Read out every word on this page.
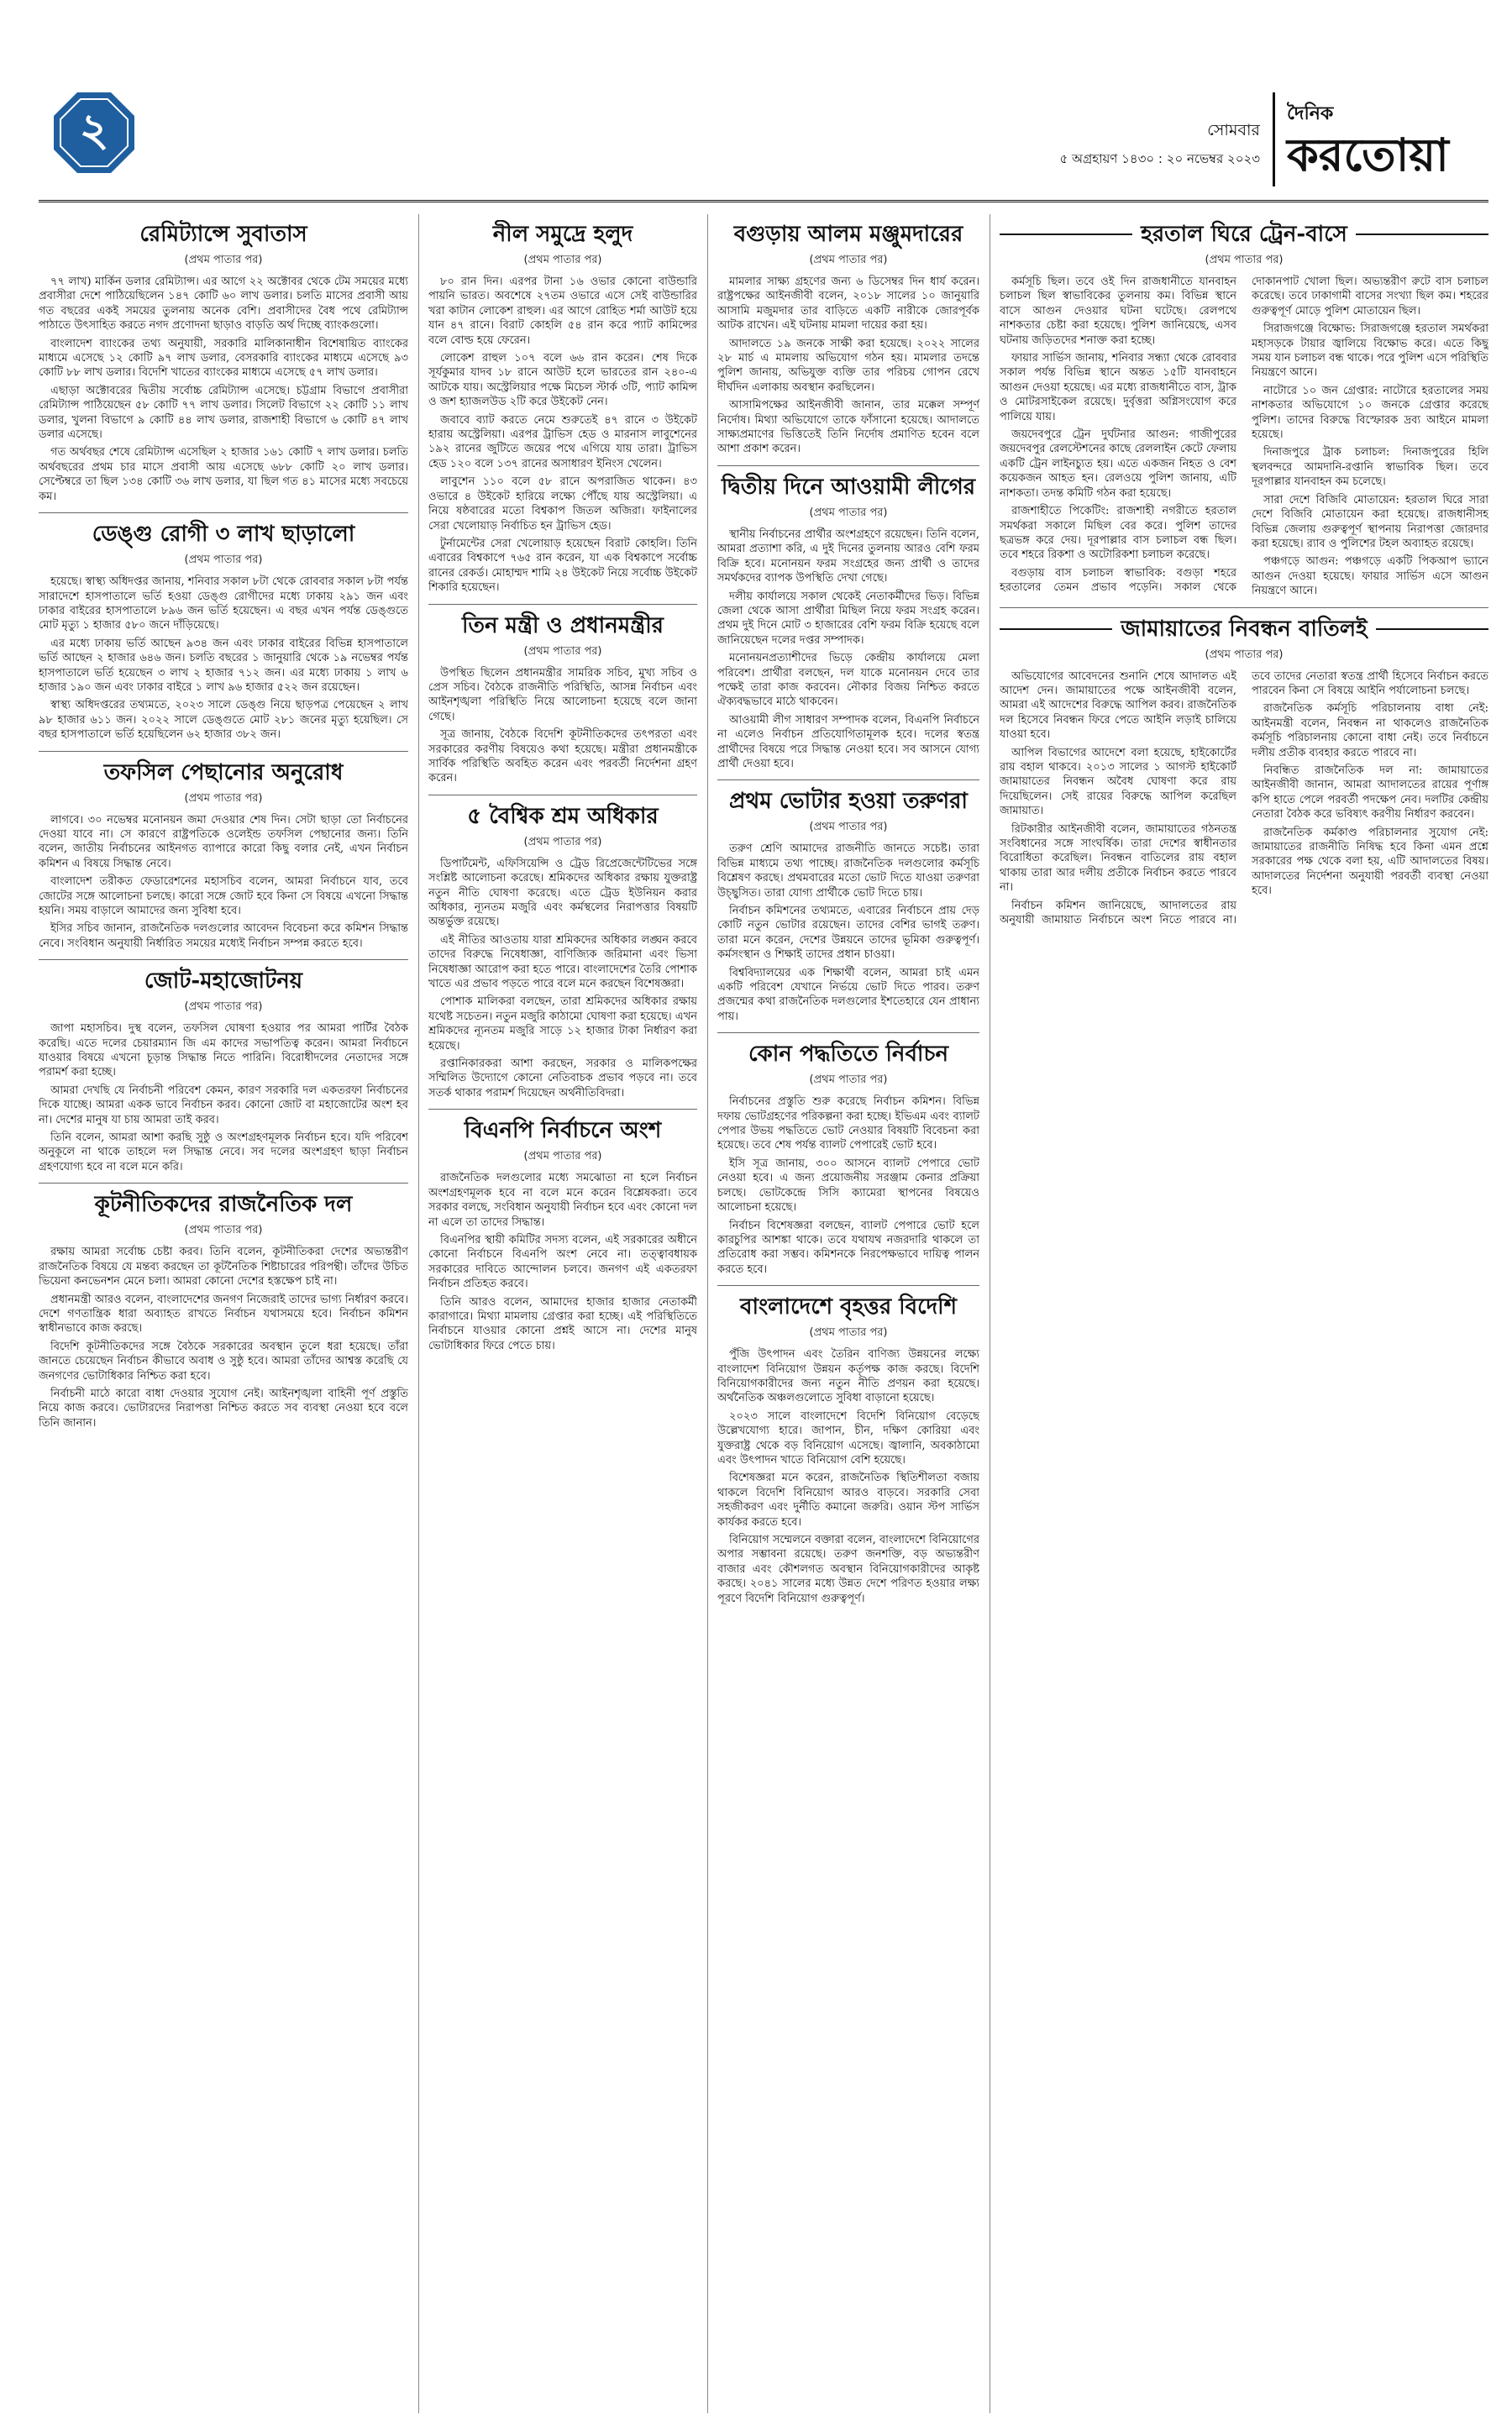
২	সোমবার
৫ অগ্রহায়ণ ১৪৩০ : ২০ নভেম্বর ২০২৩
দৈনিক
করতোয়া
রেমিট্যান্সে সুবাতাস
(প্রথম পাতার পর)

৭৭ লাখ) মার্কিন ডলার রেমিট্যান্স। এর আগে ২২ অক্টোবর থেকে টেম সময়ের মধ্যে প্রবাসীরা দেশে পাঠিয়েছিলেন ১৪৭ কোটি ৬০ লাখ ডলার। চলতি মাসের প্রবাসী আয় গত বছরের একই সময়ের তুলনায় অনেক বেশি। প্রবাসীদের বৈধ পথে রেমিট্যান্স পাঠাতে উৎসাহিত করতে নগদ প্রণোদনা ছাড়াও বাড়তি অর্থ দিচ্ছে ব্যাংকগুলো।

বাংলাদেশ ব্যাংকের তথ্য অনুযায়ী, সরকারি মালিকানাধীন বিশেষায়িত ব্যাংকের মাধ্যমে এসেছে ১২ কোটি ৯৭ লাখ ডলার, বেসরকারি ব্যাংকের মাধ্যমে এসেছে ৯৩ কোটি ৮৮ লাখ ডলার। বিদেশি খাতের ব্যাংকের মাধ্যমে এসেছে ৫৭ লাখ ডলার।

এছাড়া অক্টোবরের দ্বিতীয় সর্বোচ্চ রেমিট্যান্স এসেছে। চট্টগ্রাম বিভাগে প্রবাসীরা রেমিট্যান্স পাঠিয়েছেন ৫৮ কোটি ৭৭ লাখ ডলার। সিলেট বিভাগে ২২ কোটি ১১ লাখ ডলার, খুলনা বিভাগে ৯ কোটি ৪৪ লাখ ডলার, রাজশাহী বিভাগে ৬ কোটি ৪৭ লাখ ডলার এসেছে।

গত অর্থবছর শেষে রেমিট্যান্স এসেছিল ২ হাজার ১৬১ কোটি ৭ লাখ ডলার। চলতি অর্থবছরের প্রথম চার মাসে প্রবাসী আয় এসেছে ৬৮৮ কোটি ২০ লাখ ডলার। সেপ্টেম্বরে তা ছিল ১৩৪ কোটি ৩৬ লাখ ডলার, যা ছিল গত ৪১ মাসের মধ্যে সবচেয়ে কম।

ডেঙ্গু রোগী ৩ লাখ ছাড়ালো
(প্রথম পাতার পর)

হয়েছে। স্বাস্থ্য অধিদপ্তর জানায়, শনিবার সকাল ৮টা থেকে রোববার সকাল ৮টা পর্যন্ত সারাদেশে হাসপাতালে ভর্তি হওয়া ডেঙ্গু রোগীদের মধ্যে ঢাকায় ২৯১ জন এবং ঢাকার বাইরের হাসপাতালে ৮৯৬ জন ভর্তি হয়েছেন। এ বছর এখন পর্যন্ত ডেঙ্গুতে মোট মৃত্যু ১ হাজার ৫৮০ জনে দাঁড়িয়েছে।

এর মধ্যে ঢাকায় ভর্তি আছেন ৯৩৪ জন এবং ঢাকার বাইরের বিভিন্ন হাসপাতালে ভর্তি আছেন ২ হাজার ৬৪৬ জন। চলতি বছরের ১ জানুয়ারি থেকে ১৯ নভেম্বর পর্যন্ত হাসপাতালে ভর্তি হয়েছেন ৩ লাখ ২ হাজার ৭১২ জন। এর মধ্যে ঢাকায় ১ লাখ ৬ হাজার ১৯০ জন এবং ঢাকার বাইরে ১ লাখ ৯৬ হাজার ৫২২ জন রয়েছেন।

স্বাস্থ্য অধিদপ্তরের তথ্যমতে, ২০২৩ সালে ডেঙ্গু নিয়ে ছাড়পত্র পেয়েছেন ২ লাখ ৯৮ হাজার ৬১১ জন। ২০২২ সালে ডেঙ্গুতে মোট ২৮১ জনের মৃত্যু হয়েছিল। সে বছর হাসপাতালে ভর্তি হয়েছিলেন ৬২ হাজার ৩৮২ জন।

তফসিল পেছানোর অনুরোধ
(প্রথম পাতার পর)

লাগবে। ৩০ নভেম্বর মনোনয়ন জমা দেওয়ার শেষ দিন। সেটা ছাড়া তো নির্বাচনের দেওয়া যাবে না। সে কারণে রাষ্ট্রপতিকে ওলেইন্ড তফসিল পেছানোর জন্য। তিনি বলেন, জাতীয় নির্বাচনের আইনগত ব্যাপারে কারো কিছু বলার নেই, এখন নির্বাচন কমিশন এ বিষয়ে সিদ্ধান্ত নেবে।

বাংলাদেশ তরীকত ফেডারেশনের মহাসচিব বলেন, আমরা নির্বাচনে যাব, তবে জোটের সঙ্গে আলোচনা চলছে। কারো সঙ্গে জোট হবে কিনা সে বিষয়ে এখনো সিদ্ধান্ত হয়নি। সময় বাড়ালে আমাদের জন্য সুবিধা হবে।

ইসির সচিব জানান, রাজনৈতিক দলগুলোর আবেদন বিবেচনা করে কমিশন সিদ্ধান্ত নেবে। সংবিধান অনুযায়ী নির্ধারিত সময়ের মধ্যেই নির্বাচন সম্পন্ন করতে হবে।

জোট-মহাজোটনয়
(প্রথম পাতার পর)

জাপা মহাসচিব। দুস্থ বলেন, তফসিল ঘোষণা হওয়ার পর আমরা পার্টির বৈঠক করেছি। এতে দলের চেয়ারম্যান জি এম কাদের সভাপতিত্ব করেন। আমরা নির্বাচনে যাওয়ার বিষয়ে এখনো চূড়ান্ত সিদ্ধান্ত নিতে পারিনি। বিরোধীদলের নেতাদের সঙ্গে পরামর্শ করা হচ্ছে।

আমরা দেখছি যে নির্বাচনী পরিবেশ কেমন, কারণ সরকারি দল একতরফা নির্বাচনের দিকে যাচ্ছে। আমরা একক ভাবে নির্বাচন করব। কোনো জোট বা মহাজোটের অংশ হব না। দেশের মানুষ যা চায় আমরা তাই করব।

তিনি বলেন, আমরা আশা করছি সুষ্ঠু ও অংশগ্রহণমূলক নির্বাচন হবে। যদি পরিবেশ অনুকূলে না থাকে তাহলে দল সিদ্ধান্ত নেবে। সব দলের অংশগ্রহণ ছাড়া নির্বাচন গ্রহণযোগ্য হবে না বলে মনে করি।

কূটনীতিকদের রাজনৈতিক দল
(প্রথম পাতার পর)

রক্ষায় আমরা সর্বোচ্চ চেষ্টা করব। তিনি বলেন, কূটনীতিকরা দেশের অভ্যন্তরীণ রাজনৈতিক বিষয়ে যে মন্তব্য করছেন তা কূটনৈতিক শিষ্টাচারের পরিপন্থী। তাঁদের উচিত ভিয়েনা কনভেনশন মেনে চলা। আমরা কোনো দেশের হস্তক্ষেপ চাই না।

প্রধানমন্ত্রী আরও বলেন, বাংলাদেশের জনগণ নিজেরাই তাদের ভাগ্য নির্ধারণ করবে। দেশে গণতান্ত্রিক ধারা অব্যাহত রাখতে নির্বাচন যথাসময়ে হবে। নির্বাচন কমিশন স্বাধীনভাবে কাজ করছে।

বিদেশি কূটনীতিকদের সঙ্গে বৈঠকে সরকারের অবস্থান তুলে ধরা হয়েছে। তাঁরা জানতে চেয়েছেন নির্বাচন কীভাবে অবাধ ও সুষ্ঠু হবে। আমরা তাঁদের আশ্বস্ত করেছি যে জনগণের ভোটাধিকার নিশ্চিত করা হবে।

নির্বাচনী মাঠে কারো বাধা দেওয়ার সুযোগ নেই। আইনশৃঙ্খলা বাহিনী পূর্ণ প্রস্তুতি নিয়ে কাজ করবে। ভোটারদের নিরাপত্তা নিশ্চিত করতে সব ব্যবস্থা নেওয়া হবে বলে তিনি জানান।

নীল সমুদ্রে হলুদ
(প্রথম পাতার পর)

৮০ রান দিন। এরপর টানা ১৬ ওভার কোনো বাউন্ডারি পায়নি ভারত। অবশেষে ২৭তম ওভারে এসে সেই বাউন্ডারির খরা কাটান লোকেশ রাহুল। এর আগে রোহিত শর্মা আউট হয়ে যান ৪৭ রানে। বিরাট কোহলি ৫৪ রান করে প্যাট কামিন্সের বলে বোল্ড হয়ে ফেরেন।

লোকেশ রাহুল ১০৭ বলে ৬৬ রান করেন। শেষ দিকে সূর্যকুমার যাদব ১৮ রানে আউট হলে ভারতের রান ২৪০-এ আটকে যায়। অস্ট্রেলিয়ার পক্ষে মিচেল স্টার্ক ৩টি, প্যাট কামিন্স ও জশ হ্যাজলউড ২টি করে উইকেট নেন।

জবাবে ব্যাট করতে নেমে শুরুতেই ৪৭ রানে ৩ উইকেট হারায় অস্ট্রেলিয়া। এরপর ট্রাভিস হেড ও মারনাস লাবুশেনের ১৯২ রানের জুটিতে জয়ের পথে এগিয়ে যায় তারা। ট্রাভিস হেড ১২০ বলে ১৩৭ রানের অসাধারণ ইনিংস খেলেন।

লাবুশেন ১১০ বলে ৫৮ রানে অপরাজিত থাকেন। ৪৩ ওভারে ৪ উইকেট হারিয়ে লক্ষ্যে পৌঁছে যায় অস্ট্রেলিয়া। এ নিয়ে ষষ্ঠবারের মতো বিশ্বকাপ জিতল অজিরা। ফাইনালের সেরা খেলোয়াড় নির্বাচিত হন ট্রাভিস হেড।

টুর্নামেন্টের সেরা খেলোয়াড় হয়েছেন বিরাট কোহলি। তিনি এবারের বিশ্বকাপে ৭৬৫ রান করেন, যা এক বিশ্বকাপে সর্বোচ্চ রানের রেকর্ড। মোহাম্মদ শামি ২৪ উইকেট নিয়ে সর্বোচ্চ উইকেট শিকারি হয়েছেন।

তিন মন্ত্রী ও প্রধানমন্ত্রীর
(প্রথম পাতার পর)

উপস্থিত ছিলেন প্রধানমন্ত্রীর সামরিক সচিব, মুখ্য সচিব ও প্রেস সচিব। বৈঠকে রাজনীতি পরিস্থিতি, আসন্ন নির্বাচন এবং আইনশৃঙ্খলা পরিস্থিতি নিয়ে আলোচনা হয়েছে বলে জানা গেছে।

সূত্র জানায়, বৈঠকে বিদেশি কূটনীতিকদের তৎপরতা এবং সরকারের করণীয় বিষয়েও কথা হয়েছে। মন্ত্রীরা প্রধানমন্ত্রীকে সার্বিক পরিস্থিতি অবহিত করেন এবং পরবর্তী নির্দেশনা গ্রহণ করেন।

৫ বৈশ্বিক শ্রম অধিকার
(প্রথম পাতার পর)

ডিপার্টমেন্ট, এফিসিয়েন্সি ও ট্রেড রিপ্রেজেন্টেটিভের সঙ্গে সংশ্লিষ্ট আলোচনা করেছে। শ্রমিকদের অধিকার রক্ষায় যুক্তরাষ্ট্র নতুন নীতি ঘোষণা করেছে। এতে ট্রেড ইউনিয়ন করার অধিকার, ন্যূনতম মজুরি এবং কর্মস্থলের নিরাপত্তার বিষয়টি অন্তর্ভুক্ত রয়েছে।

এই নীতির আওতায় যারা শ্রমিকদের অধিকার লঙ্ঘন করবে তাদের বিরুদ্ধে নিষেধাজ্ঞা, বাণিজ্যিক জরিমানা এবং ভিসা নিষেধাজ্ঞা আরোপ করা হতে পারে। বাংলাদেশের তৈরি পোশাক খাতে এর প্রভাব পড়তে পারে বলে মনে করছেন বিশেষজ্ঞরা।

পোশাক মালিকরা বলছেন, তারা শ্রমিকদের অধিকার রক্ষায় যথেষ্ট সচেতন। নতুন মজুরি কাঠামো ঘোষণা করা হয়েছে। এখন শ্রমিকদের ন্যূনতম মজুরি সাড়ে ১২ হাজার টাকা নির্ধারণ করা হয়েছে।

রপ্তানিকারকরা আশা করছেন, সরকার ও মালিকপক্ষের সম্মিলিত উদ্যোগে কোনো নেতিবাচক প্রভাব পড়বে না। তবে সতর্ক থাকার পরামর্শ দিয়েছেন অর্থনীতিবিদরা।

বিএনপি নির্বাচনে অংশ
(প্রথম পাতার পর)

রাজনৈতিক দলগুলোর মধ্যে সমঝোতা না হলে নির্বাচন অংশগ্রহণমূলক হবে না বলে মনে করেন বিশ্লেষকরা। তবে সরকার বলছে, সংবিধান অনুযায়ী নির্বাচন হবে এবং কোনো দল না এলে তা তাদের সিদ্ধান্ত।

বিএনপির স্থায়ী কমিটির সদস্য বলেন, এই সরকারের অধীনে কোনো নির্বাচনে বিএনপি অংশ নেবে না। তত্ত্বাবধায়ক সরকারের দাবিতে আন্দোলন চলবে। জনগণ এই একতরফা নির্বাচন প্রতিহত করবে।

তিনি আরও বলেন, আমাদের হাজার হাজার নেতাকর্মী কারাগারে। মিথ্যা মামলায় গ্রেপ্তার করা হচ্ছে। এই পরিস্থিতিতে নির্বাচনে যাওয়ার কোনো প্রশ্নই আসে না। দেশের মানুষ ভোটাধিকার ফিরে পেতে চায়।

বগুড়ায় আলম মঞ্জুমদারের
(প্রথম পাতার পর)

মামলার সাক্ষ্য গ্রহণের জন্য ৬ ডিসেম্বর দিন ধার্য করেন। রাষ্ট্রপক্ষের আইনজীবী বলেন, ২০১৮ সালের ১০ জানুয়ারি আসামি মজুমদার তার বাড়িতে একটি নারীকে জোরপূর্বক আটক রাখেন। এই ঘটনায় মামলা দায়ের করা হয়।

আদালতে ১৯ জনকে সাক্ষী করা হয়েছে। ২০২২ সালের ২৮ মার্চ এ মামলায় অভিযোগ গঠন হয়। মামলার তদন্তে পুলিশ জানায়, অভিযুক্ত ব্যক্তি তার পরিচয় গোপন রেখে দীর্ঘদিন এলাকায় অবস্থান করছিলেন।

আসামিপক্ষের আইনজীবী জানান, তার মক্কেল সম্পূর্ণ নির্দোষ। মিথ্যা অভিযোগে তাকে ফাঁসানো হয়েছে। আদালতে সাক্ষ্যপ্রমাণের ভিত্তিতেই তিনি নির্দোষ প্রমাণিত হবেন বলে আশা প্রকাশ করেন।

দ্বিতীয় দিনে আওয়ামী লীগের
(প্রথম পাতার পর)

স্থানীয় নির্বাচনের প্রার্থীর অংশগ্রহণে রয়েছেন। তিনি বলেন, আমরা প্রত্যাশা করি, এ দুই দিনের তুলনায় আরও বেশি ফরম বিক্রি হবে। মনোনয়ন ফরম সংগ্রহের জন্য প্রার্থী ও তাদের সমর্থকদের ব্যাপক উপস্থিতি দেখা গেছে।

দলীয় কার্যালয়ে সকাল থেকেই নেতাকর্মীদের ভিড়। বিভিন্ন জেলা থেকে আসা প্রার্থীরা মিছিল নিয়ে ফরম সংগ্রহ করেন। প্রথম দুই দিনে মোট ৩ হাজারের বেশি ফরম বিক্রি হয়েছে বলে জানিয়েছেন দলের দপ্তর সম্পাদক।

মনোনয়নপ্রত্যাশীদের ভিড়ে কেন্দ্রীয় কার্যালয়ে মেলা পরিবেশ। প্রার্থীরা বলছেন, দল যাকে মনোনয়ন দেবে তার পক্ষেই তারা কাজ করবেন। নৌকার বিজয় নিশ্চিত করতে ঐক্যবদ্ধভাবে মাঠে থাকবেন।

আওয়ামী লীগ সাধারণ সম্পাদক বলেন, বিএনপি নির্বাচনে না এলেও নির্বাচন প্রতিযোগিতামূলক হবে। দলের স্বতন্ত্র প্রার্থীদের বিষয়ে পরে সিদ্ধান্ত নেওয়া হবে। সব আসনে যোগ্য প্রার্থী দেওয়া হবে।

প্রথম ভোটার হওয়া তরুণরা
(প্রথম পাতার পর)

তরুণ শ্রেণি আমাদের রাজনীতি জানতে সচেষ্ট। তারা বিভিন্ন মাধ্যমে তথ্য পাচ্ছে। রাজনৈতিক দলগুলোর কর্মসূচি বিশ্লেষণ করছে। প্রথমবারের মতো ভোট দিতে যাওয়া তরুণরা উচ্ছ্বসিত। তারা যোগ্য প্রার্থীকে ভোট দিতে চায়।

নির্বাচন কমিশনের তথ্যমতে, এবারের নির্বাচনে প্রায় দেড় কোটি নতুন ভোটার রয়েছেন। তাদের বেশির ভাগই তরুণ। তারা মনে করেন, দেশের উন্নয়নে তাদের ভূমিকা গুরুত্বপূর্ণ। কর্মসংস্থান ও শিক্ষাই তাদের প্রধান চাওয়া।

বিশ্ববিদ্যালয়ের এক শিক্ষার্থী বলেন, আমরা চাই এমন একটি পরিবেশ যেখানে নির্ভয়ে ভোট দিতে পারব। তরুণ প্রজন্মের কথা রাজনৈতিক দলগুলোর ইশতেহারে যেন প্রাধান্য পায়।

কোন পদ্ধতিতে নির্বাচন
(প্রথম পাতার পর)

নির্বাচনের প্রস্তুতি শুরু করেছে নির্বাচন কমিশন। বিভিন্ন দফায় ভোটগ্রহণের পরিকল্পনা করা হচ্ছে। ইভিএম এবং ব্যালট পেপার উভয় পদ্ধতিতে ভোট নেওয়ার বিষয়টি বিবেচনা করা হয়েছে। তবে শেষ পর্যন্ত ব্যালট পেপারেই ভোট হবে।

ইসি সূত্র জানায়, ৩০০ আসনে ব্যালট পেপারে ভোট নেওয়া হবে। এ জন্য প্রয়োজনীয় সরঞ্জাম কেনার প্রক্রিয়া চলছে। ভোটকেন্দ্রে সিসি ক্যামেরা স্থাপনের বিষয়েও আলোচনা হয়েছে।

নির্বাচন বিশেষজ্ঞরা বলছেন, ব্যালট পেপারে ভোট হলে কারচুপির আশঙ্কা থাকে। তবে যথাযথ নজরদারি থাকলে তা প্রতিরোধ করা সম্ভব। কমিশনকে নিরপেক্ষভাবে দায়িত্ব পালন করতে হবে।

বাংলাদেশে বৃহত্তর বিদেশি
(প্রথম পাতার পর)

পুঁজি উৎপাদন এবং তৈরিন বাণিজ্য উন্নয়নের লক্ষ্যে বাংলাদেশ বিনিয়োগ উন্নয়ন কর্তৃপক্ষ কাজ করছে। বিদেশি বিনিয়োগকারীদের জন্য নতুন নীতি প্রণয়ন করা হয়েছে। অর্থনৈতিক অঞ্চলগুলোতে সুবিধা বাড়ানো হয়েছে।

২০২৩ সালে বাংলাদেশে বিদেশি বিনিয়োগ বেড়েছে উল্লেখযোগ্য হারে। জাপান, চীন, দক্ষিণ কোরিয়া এবং যুক্তরাষ্ট্র থেকে বড় বিনিয়োগ এসেছে। জ্বালানি, অবকাঠামো এবং উৎপাদন খাতে বিনিয়োগ বেশি হয়েছে।

বিশেষজ্ঞরা মনে করেন, রাজনৈতিক স্থিতিশীলতা বজায় থাকলে বিদেশি বিনিয়োগ আরও বাড়বে। সরকারি সেবা সহজীকরণ এবং দুর্নীতি কমানো জরুরি। ওয়ান স্টপ সার্ভিস কার্যকর করতে হবে।

বিনিয়োগ সম্মেলনে বক্তারা বলেন, বাংলাদেশে বিনিয়োগের অপার সম্ভাবনা রয়েছে। তরুণ জনশক্তি, বড় অভ্যন্তরীণ বাজার এবং কৌশলগত অবস্থান বিনিয়োগকারীদের আকৃষ্ট করছে। ২০৪১ সালের মধ্যে উন্নত দেশে পরিণত হওয়ার লক্ষ্য পূরণে বিদেশি বিনিয়োগ গুরুত্বপূর্ণ।

হরতাল ঘিরে ট্রেন-বাসে
(প্রথম পাতার পর)

কর্মসূচি ছিল। তবে ওই দিন রাজধানীতে যানবাহন চলাচল ছিল স্বাভাবিকের তুলনায় কম। বিভিন্ন স্থানে বাসে আগুন দেওয়ার ঘটনা ঘটেছে। রেলপথে নাশকতার চেষ্টা করা হয়েছে। পুলিশ জানিয়েছে, এসব ঘটনায় জড়িতদের শনাক্ত করা হচ্ছে।

ফায়ার সার্ভিস জানায়, শনিবার সন্ধ্যা থেকে রোববার সকাল পর্যন্ত বিভিন্ন স্থানে অন্তত ১৫টি যানবাহনে আগুন দেওয়া হয়েছে। এর মধ্যে রাজধানীতে বাস, ট্রাক ও মোটরসাইকেল রয়েছে। দুর্বৃত্তরা অগ্নিসংযোগ করে পালিয়ে যায়।

জয়দেবপুরে ট্রেন দুর্ঘটনার আগুন: গাজীপুরের জয়দেবপুর রেলস্টেশনের কাছে রেললাইন কেটে ফেলায় একটি ট্রেন লাইনচ্যুত হয়। এতে একজন নিহত ও বেশ কয়েকজন আহত হন। রেলওয়ে পুলিশ জানায়, এটি নাশকতা। তদন্ত কমিটি গঠন করা হয়েছে।

রাজশাহীতে পিকেটিং: রাজশাহী নগরীতে হরতাল সমর্থকরা সকালে মিছিল বের করে। পুলিশ তাদের ছত্রভঙ্গ করে দেয়। দূরপাল্লার বাস চলাচল বন্ধ ছিল। তবে শহরে রিকশা ও অটোরিকশা চলাচল করেছে।

বগুড়ায় বাস চলাচল স্বাভাবিক: বগুড়া শহরে হরতালের তেমন প্রভাব পড়েনি। সকাল থেকে দোকানপাট খোলা ছিল। অভ্যন্তরীণ রুটে বাস চলাচল করেছে। তবে ঢাকাগামী বাসের সংখ্যা ছিল কম। শহরের গুরুত্বপূর্ণ মোড়ে পুলিশ মোতায়েন ছিল।

সিরাজগঞ্জে বিক্ষোভ: সিরাজগঞ্জে হরতাল সমর্থকরা মহাসড়কে টায়ার জ্বালিয়ে বিক্ষোভ করে। এতে কিছু সময় যান চলাচল বন্ধ থাকে। পরে পুলিশ এসে পরিস্থিতি নিয়ন্ত্রণে আনে।

নাটোরে ১০ জন গ্রেপ্তার: নাটোরে হরতালের সময় নাশকতার অভিযোগে ১০ জনকে গ্রেপ্তার করেছে পুলিশ। তাদের বিরুদ্ধে বিস্ফোরক দ্রব্য আইনে মামলা হয়েছে।

দিনাজপুরে ট্রাক চলাচল: দিনাজপুরের হিলি স্থলবন্দরে আমদানি-রপ্তানি স্বাভাবিক ছিল। তবে দূরপাল্লার যানবাহন কম চলেছে।

সারা দেশে বিজিবি মোতায়েন: হরতাল ঘিরে সারা দেশে বিজিবি মোতায়েন করা হয়েছে। রাজধানীসহ বিভিন্ন জেলায় গুরুত্বপূর্ণ স্থাপনায় নিরাপত্তা জোরদার করা হয়েছে। র‌্যাব ও পুলিশের টহল অব্যাহত রয়েছে।

পঞ্চগড়ে আগুন: পঞ্চগড়ে একটি পিকআপ ভ্যানে আগুন দেওয়া হয়েছে। ফায়ার সার্ভিস এসে আগুন নিয়ন্ত্রণে আনে।

জামায়াতের নিবন্ধন বাতিলই
(প্রথম পাতার পর)

অভিযোগের আবেদনের শুনানি শেষে আদালত এই আদেশ দেন। জামায়াতের পক্ষে আইনজীবী বলেন, আমরা এই আদেশের বিরুদ্ধে আপিল করব। রাজনৈতিক দল হিসেবে নিবন্ধন ফিরে পেতে আইনি লড়াই চালিয়ে যাওয়া হবে।

আপিল বিভাগের আদেশে বলা হয়েছে, হাইকোর্টের রায় বহাল থাকবে। ২০১৩ সালের ১ আগস্ট হাইকোর্ট জামায়াতের নিবন্ধন অবৈধ ঘোষণা করে রায় দিয়েছিলেন। সেই রায়ের বিরুদ্ধে আপিল করেছিল জামায়াত।

রিটকারীর আইনজীবী বলেন, জামায়াতের গঠনতন্ত্র সংবিধানের সঙ্গে সাংঘর্ষিক। তারা দেশের স্বাধীনতার বিরোধিতা করেছিল। নিবন্ধন বাতিলের রায় বহাল থাকায় তারা আর দলীয় প্রতীকে নির্বাচন করতে পারবে না।

নির্বাচন কমিশন জানিয়েছে, আদালতের রায় অনুযায়ী জামায়াত নির্বাচনে অংশ নিতে পারবে না। তবে তাদের নেতারা স্বতন্ত্র প্রার্থী হিসেবে নির্বাচন করতে পারবেন কিনা সে বিষয়ে আইনি পর্যালোচনা চলছে।

রাজনৈতিক কর্মসূচি পরিচালনায় বাধা নেই: আইনমন্ত্রী বলেন, নিবন্ধন না থাকলেও রাজনৈতিক কর্মসূচি পরিচালনায় কোনো বাধা নেই। তবে নির্বাচনে দলীয় প্রতীক ব্যবহার করতে পারবে না।

নিবন্ধিত রাজনৈতিক দল না: জামায়াতের আইনজীবী জানান, আমরা আদালতের রায়ের পূর্ণাঙ্গ কপি হাতে পেলে পরবর্তী পদক্ষেপ নেব। দলটির কেন্দ্রীয় নেতারা বৈঠক করে ভবিষ্যৎ করণীয় নির্ধারণ করবেন।

রাজনৈতিক কর্মকাণ্ড পরিচালনার সুযোগ নেই: জামায়াতের রাজনীতি নিষিদ্ধ হবে কিনা এমন প্রশ্নে সরকারের পক্ষ থেকে বলা হয়, এটি আদালতের বিষয়। আদালতের নির্দেশনা অনুযায়ী পরবর্তী ব্যবস্থা নেওয়া হবে।
